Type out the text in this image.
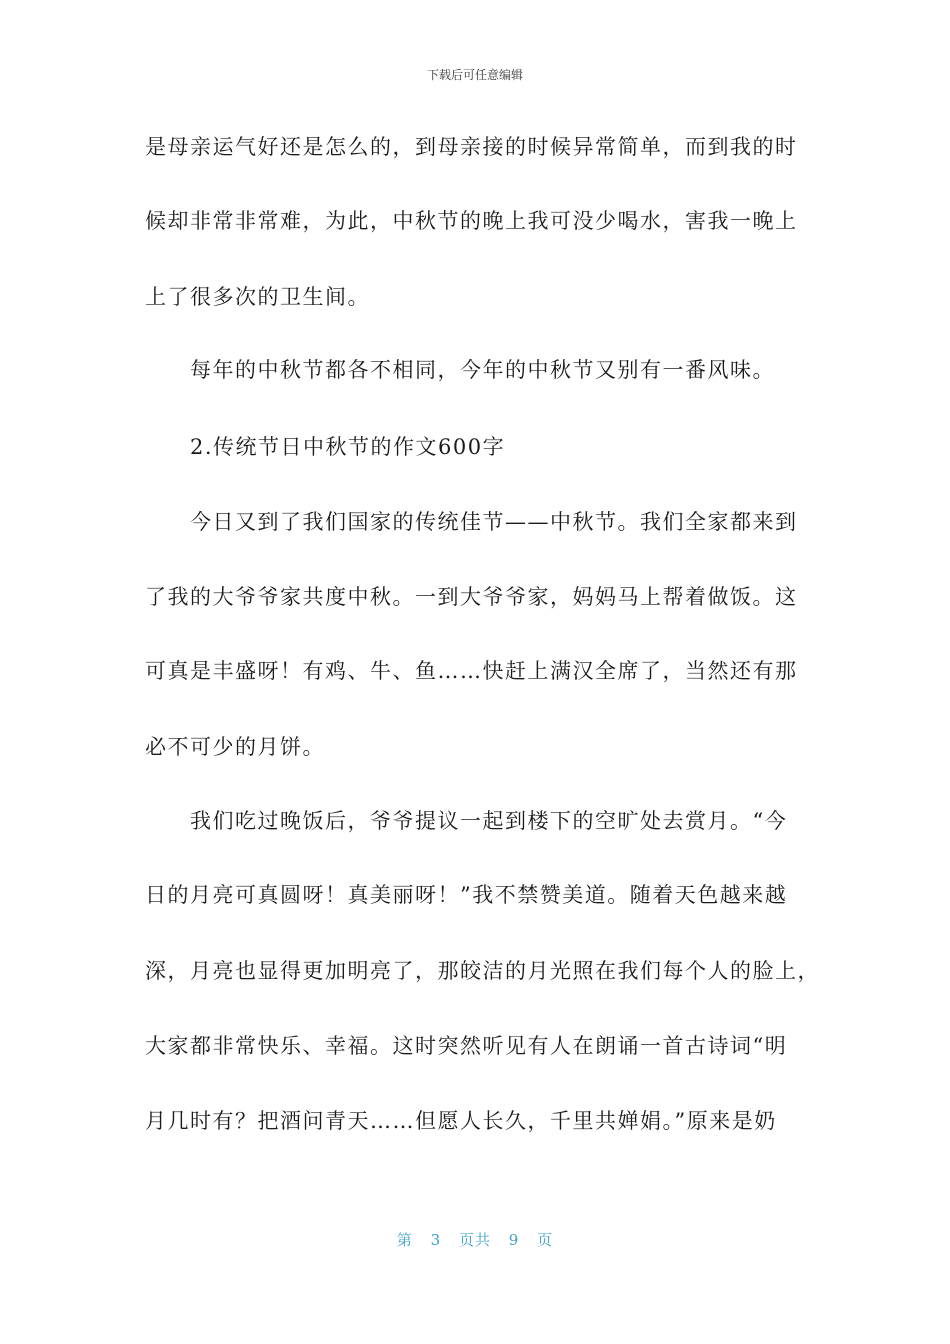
下载后可任意编辑
是母亲运气好还是怎么的，到母亲接的时候异常简单，而到我的时
候却非常非常难，为此，中秋节的晚上我可没少喝水，害我一晚上
上了很多次的卫生间。
　　每年的中秋节都各不相同，今年的中秋节又别有一番风味。
　　2.传统节日中秋节的作文600字
　　今日又到了我们国家的传统佳节——中秋节。我们全家都来到
了我的大爷爷家共度中秋。一到大爷爷家，妈妈马上帮着做饭。这
可真是丰盛呀！有鸡、牛、鱼……快赶上满汉全席了，当然还有那
必不可少的月饼。
　　我们吃过晚饭后，爷爷提议一起到楼下的空旷处去赏月。“今
日的月亮可真圆呀！真美丽呀！”我不禁赞美道。随着天色越来越
深，月亮也显得更加明亮了，那皎洁的月光照在我们每个人的脸上，
大家都非常快乐、幸福。这时突然听见有人在朗诵一首古诗词“明
月几时有？把酒问青天……但愿人长久，千里共婵娟。”原来是奶
第 3 页共 9 页
